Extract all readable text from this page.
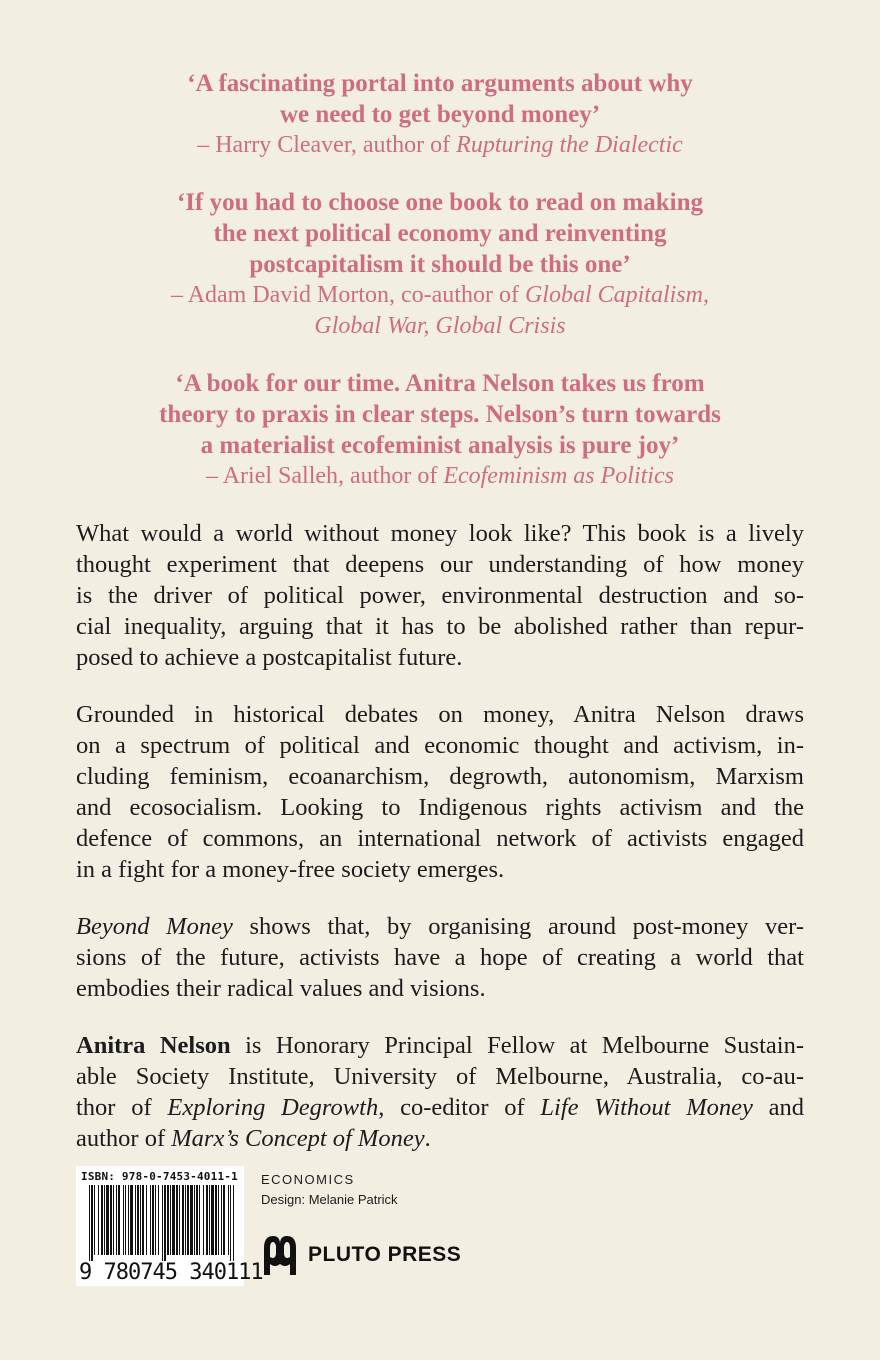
‘A fascinating portal into arguments about why
we need to get beyond money’
– Harry Cleaver, author of Rupturing the Dialectic
‘If you had to choose one book to read on making
the next political economy and reinventing
postcapitalism it should be this one’
– Adam David Morton, co-author of Global Capitalism,
Global War, Global Crisis
‘A book for our time. Anitra Nelson takes us from
theory to praxis in clear steps. Nelson’s turn towards
a materialist ecofeminist analysis is pure joy’
– Ariel Salleh, author of Ecofeminism as Politics

What would a world without money look like? This book is a lively
thought experiment that deepens our understanding of how money
is the driver of political power, environmental destruction and so-
cial inequality, arguing that it has to be abolished rather than repur-
posed to achieve a postcapitalist future.

Grounded in historical debates on money, Anitra Nelson draws
on a spectrum of political and economic thought and activism, in-
cluding feminism, ecoanarchism, degrowth, autonomism, Marxism
and ecosocialism. Looking to Indigenous rights activism and the
defence of commons, an international network of activists engaged
in a fight for a money-free society emerges.

Beyond Money shows that, by organising around post-money ver-
sions of the future, activists have a hope of creating a world that
embodies their radical values and visions.

Anitra Nelson is Honorary Principal Fellow at Melbourne Sustain-
able Society Institute, University of Melbourne, Australia, co-au-
thor of Exploring Degrowth, co-editor of Life Without Money and
author of Marx’s Concept of Money.

ISBN: 978-0-7453-4011-1
9 780745 340111
ECONOMICS
Design: Melanie Patrick
PLUTO PRESS
